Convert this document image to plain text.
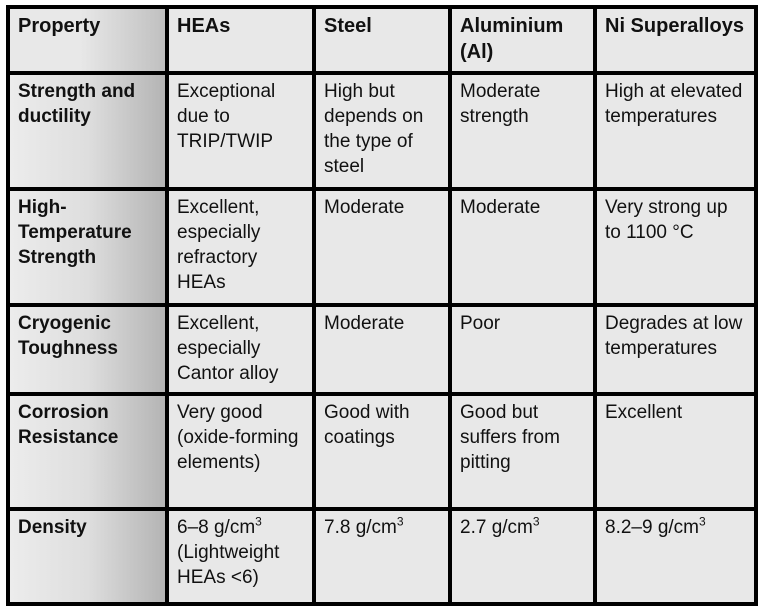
Property	HEAs	Steel	Aluminium (Al)	Ni Superalloys
Strength and ductility	Exceptional due to TRIP/TWIP	High but depends on the type of steel	Moderate strength	High at elevated temperatures
High-Temperature Strength	Excellent, especially refractory HEAs	Moderate	Moderate	Very strong up to 1100 °C
Cryogenic Toughness	Excellent, especially Cantor alloy	Moderate	Poor	Degrades at low temperatures
Corrosion Resistance	Very good (oxide-forming elements)	Good with coatings	Good but suffers from pitting	Excellent
Density	6–8 $g/cm^3$ (Lightweight HEAs <6)	7.8 $g/cm^3$	2.7 $g/cm^3$	8.2–9 $g/cm^3$
